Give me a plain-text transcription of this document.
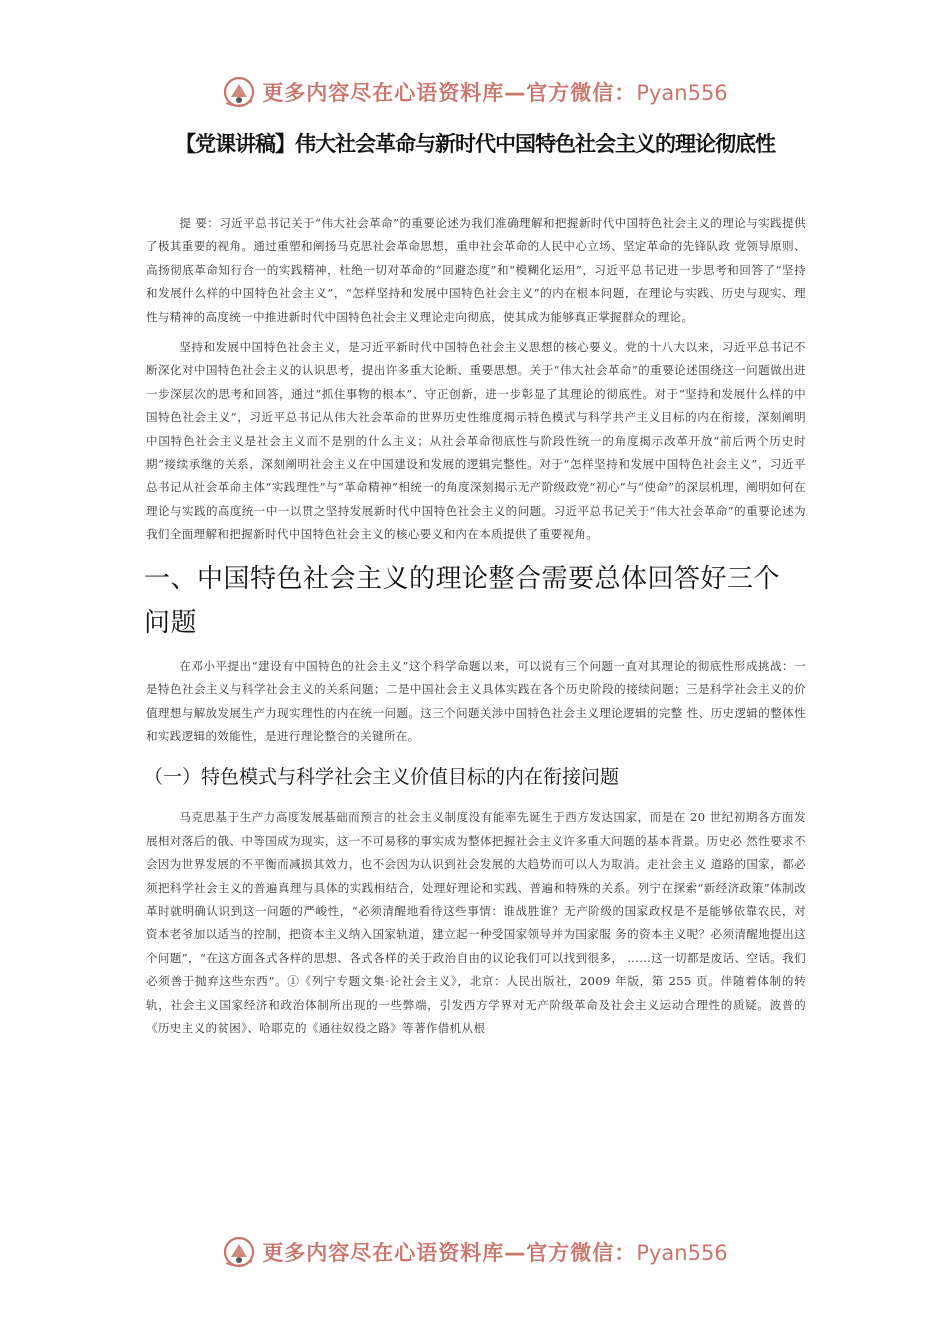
更多内容尽在心语资料库—官方微信：Pyan556
【党课讲稿】伟大社会革命与新时代中国特色社会主义的理论彻底性

提 要：习近平总书记关于“伟大社会革命”的重要论述为我们准确理解和把握新时代中国特色社会主义的理论与实践提供了极其重要的视角。通过重塑和阐扬马克思社会革命思想，重申社会革命的人民中心立场、坚定革命的先锋队政 党领导原则、高扬彻底革命知行合一的实践精神，杜绝一切对革命的“回避态度”和“模糊化运用”，习近平总书记进一步思考和回答了“坚持和发展什么样的中国特色社会主义”，“怎样坚持和发展中国特色社会主义”的内在根本问题，在理论与实践、历史与现实、理性与精神的高度统一中推进新时代中国特色社会主义理论走向彻底，使其成为能够真正掌握群众的理论。

坚持和发展中国特色社会主义，是习近平新时代中国特色社会主义思想的核心要义。党的十八大以来，习近平总书记不断深化对中国特色社会主义的认识思考，提出许多重大论断、重要思想。关于“伟大社会革命”的重要论述围绕这一问题做出进一步深层次的思考和回答，通过“抓住事物的根本”、守正创新，进一步彰显了其理论的彻底性。对于“坚持和发展什么样的中国特色社会主义”，习近平总书记从伟大社会革命的世界历史性维度揭示特色模式与科学共产主义目标的内在衔接，深刻阐明中国特色社会主义是社会主义而不是别的什么主义；从社会革命彻底性与阶段性统一的角度揭示改革开放“前后两个历史时期”接续承继的关系，深刻阐明社会主义在中国建设和发展的逻辑完整性。对于“怎样坚持和发展中国特色社会主义”，习近平总书记从社会革命主体“实践理性”与“革命精神”相统一的角度深刻揭示无产阶级政党“初心”与“使命”的深层机理，阐明如何在理论与实践的高度统一中一以贯之坚持发展新时代中国特色社会主义的问题。习近平总书记关于“伟大社会革命”的重要论述为我们全面理解和把握新时代中国特色社会主义的核心要义和内在本质提供了重要视角。

一、中国特色社会主义的理论整合需要总体回答好三个问题

在邓小平提出“建设有中国特色的社会主义”这个科学命题以来，可以说有三个问题一直对其理论的彻底性形成挑战：一是特色社会主义与科学社会主义的关系问题；二是中国社会主义具体实践在各个历史阶段的接续问题；三是科学社会主义的价值理想与解放发展生产力现实理性的内在统一问题。这三个问题关涉中国特色社会主义理论逻辑的完整 性、历史逻辑的整体性和实践逻辑的效能性，是进行理论整合的关键所在。

（一）特色模式与科学社会主义价值目标的内在衔接问题

马克思基于生产力高度发展基础而预言的社会主义制度没有能率先诞生于西方发达国家，而是在 20 世纪初期各方面发展相对落后的俄、中等国成为现实，这一不可易移的事实成为整体把握社会主义许多重大问题的基本背景。历史必 然性要求不会因为世界发展的不平衡而减损其效力，也不会因为认识到社会发展的大趋势而可以人为取消。走社会主义 道路的国家，都必须把科学社会主义的普遍真理与具体的实践相结合，处理好理论和实践、普遍和特殊的关系。列宁在探索“新经济政策”体制改革时就明确认识到这一问题的严峻性，“必须清醒地看待这些事情：谁战胜谁？无产阶级的国家政权是不是能够依靠农民，对资本老爷加以适当的控制，把资本主义纳入国家轨道，建立起一种受国家领导并为国家服 务的资本主义呢？必须清醒地提出这个问题”，“在这方面各式各样的思想、各式各样的关于政治自由的议论我们可以找到很多， ……这一切都是废话、空话。我们必须善于抛弃这些东西”。①《列宁专题文集·论社会主义》，北京：人民出版社，2009 年版，第 255 页。伴随着体制的转轨，社会主义国家经济和政治体制所出现的一些弊端，引发西方学界对无产阶级革命及社会主义运动合理性的质疑。波普的《历史主义的贫困》、哈耶克的《通往奴役之路》等著作借机从根

更多内容尽在心语资料库—官方微信：Pyan556
